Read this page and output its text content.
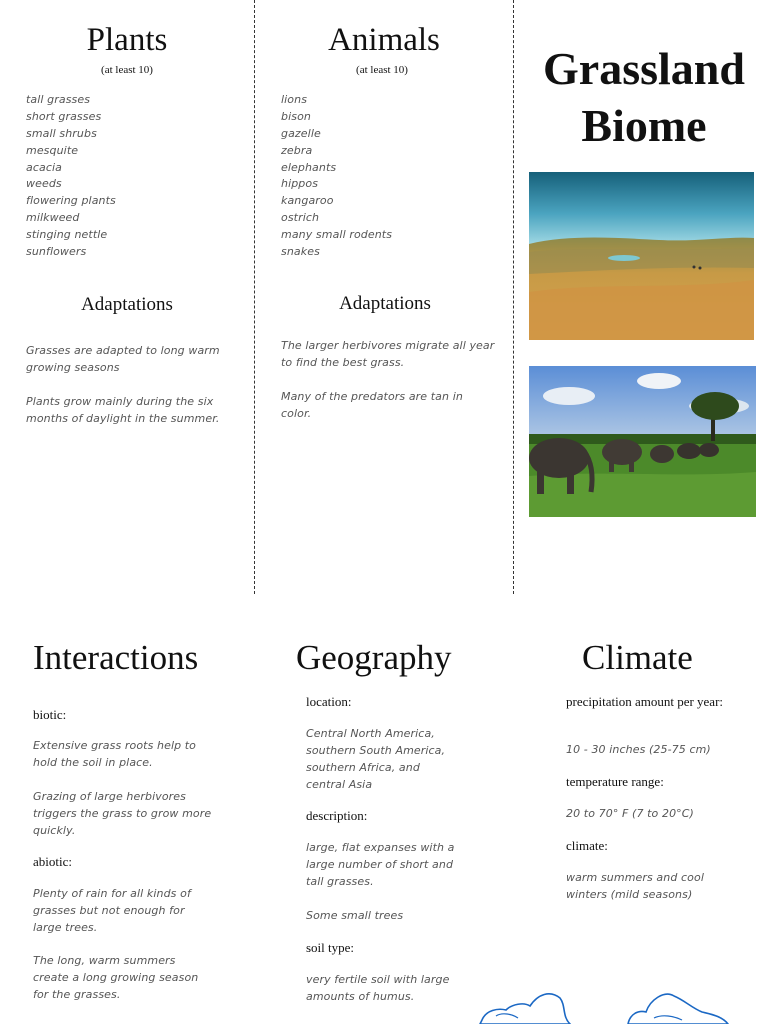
Plants
(at least 10)
tall grasses
short grasses
small shrubs
mesquite
acacia
weeds
flowering plants
milkweed
stinging nettle
sunflowers
Adaptations

Grasses are adapted to long warm growing seasons

Plants grow mainly during the six months of daylight in the summer.

Animals
(at least 10)
lions
bison
gazelle
zebra
elephants
hippos
kangaroo
ostrich
many small rodents
snakes
Adaptations

The larger herbivores migrate all year to find the best grass.

Many of the predators are tan in color.

Grassland
Biome
Interactions

biotic:

Extensive grass roots help to hold the soil in place.

Grazing of large herbivores triggers the grass to grow more quickly.

abiotic:

Plenty of rain for all kinds of grasses but not enough for large trees.

The long, warm summers create a long growing season for the grasses.

Geography

location:

Central North America, southern South America, southern Africa, and central Asia

description:

large, flat expanses with a large number of short and tall grasses.

Some small trees

soil type:

very fertile soil with large amounts of humus.

Climate

precipitation amount per year:

10 - 30 inches (25-75 cm)

temperature range:

20 to 70° F (7 to 20°C)

climate:

warm summers and cool winters (mild seasons)
